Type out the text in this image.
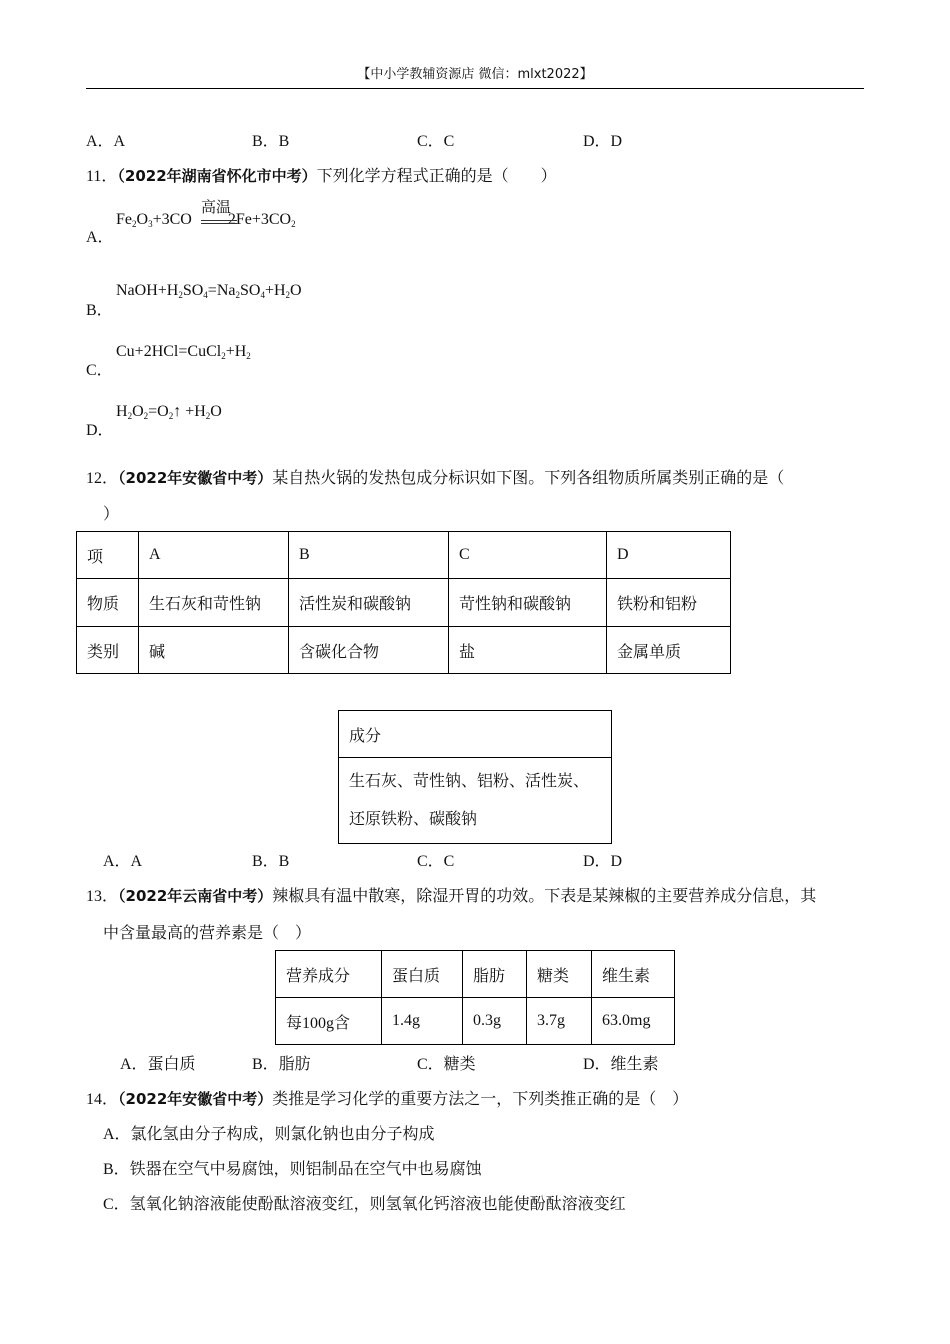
【中小学教辅资源店 微信：mlxt2022】
A．A	B．B	C．C	D．D
11．（2022年湖南省怀化市中考）下列化学方程式正确的是（　　）
A．
$Fe_2O_3+3CO$ $2Fe+3CO_2$
高温
B．
$NaOH+H_2SO_4=Na_2SO_4+H_2O$
C．
$Cu+2HCl=CuCl_2+H_2$
D．
$H_2O_2=O_2↑ +H_2O$
12．（2022年安徽省中考）某自热火锅的发热包成分标识如下图。下列各组物质所属类别正确的是（
）
项	A	B	C	D
物质	生石灰和苛性钠	活性炭和碳酸钠	苛性钠和碳酸钠	铁粉和铝粉
类别	碱	含碳化合物	盐	金属单质
成分

生石灰、苛性钠、铝粉、活性炭、
还原铁粉、碳酸钠
A．A	B．B	C．C	D．D
13．（2022年云南省中考）辣椒具有温中散寒，除湿开胃的功效。下表是某辣椒的主要营养成分信息，其
中含量最高的营养素是（　）
营养成分	蛋白质	脂肪	糖类	维生素
每100g含	1.4g	0.3g	3.7g	63.0mg
A．蛋白质	B．脂肪	C．糖类	D．维生素
14．（2022年安徽省中考）类推是学习化学的重要方法之一，下列类推正确的是（　）
A．氯化氢由分子构成，则氯化钠也由分子构成
B．铁器在空气中易腐蚀，则铝制品在空气中也易腐蚀
C．氢氧化钠溶液能使酚酞溶液变红，则氢氧化钙溶液也能使酚酞溶液变红
